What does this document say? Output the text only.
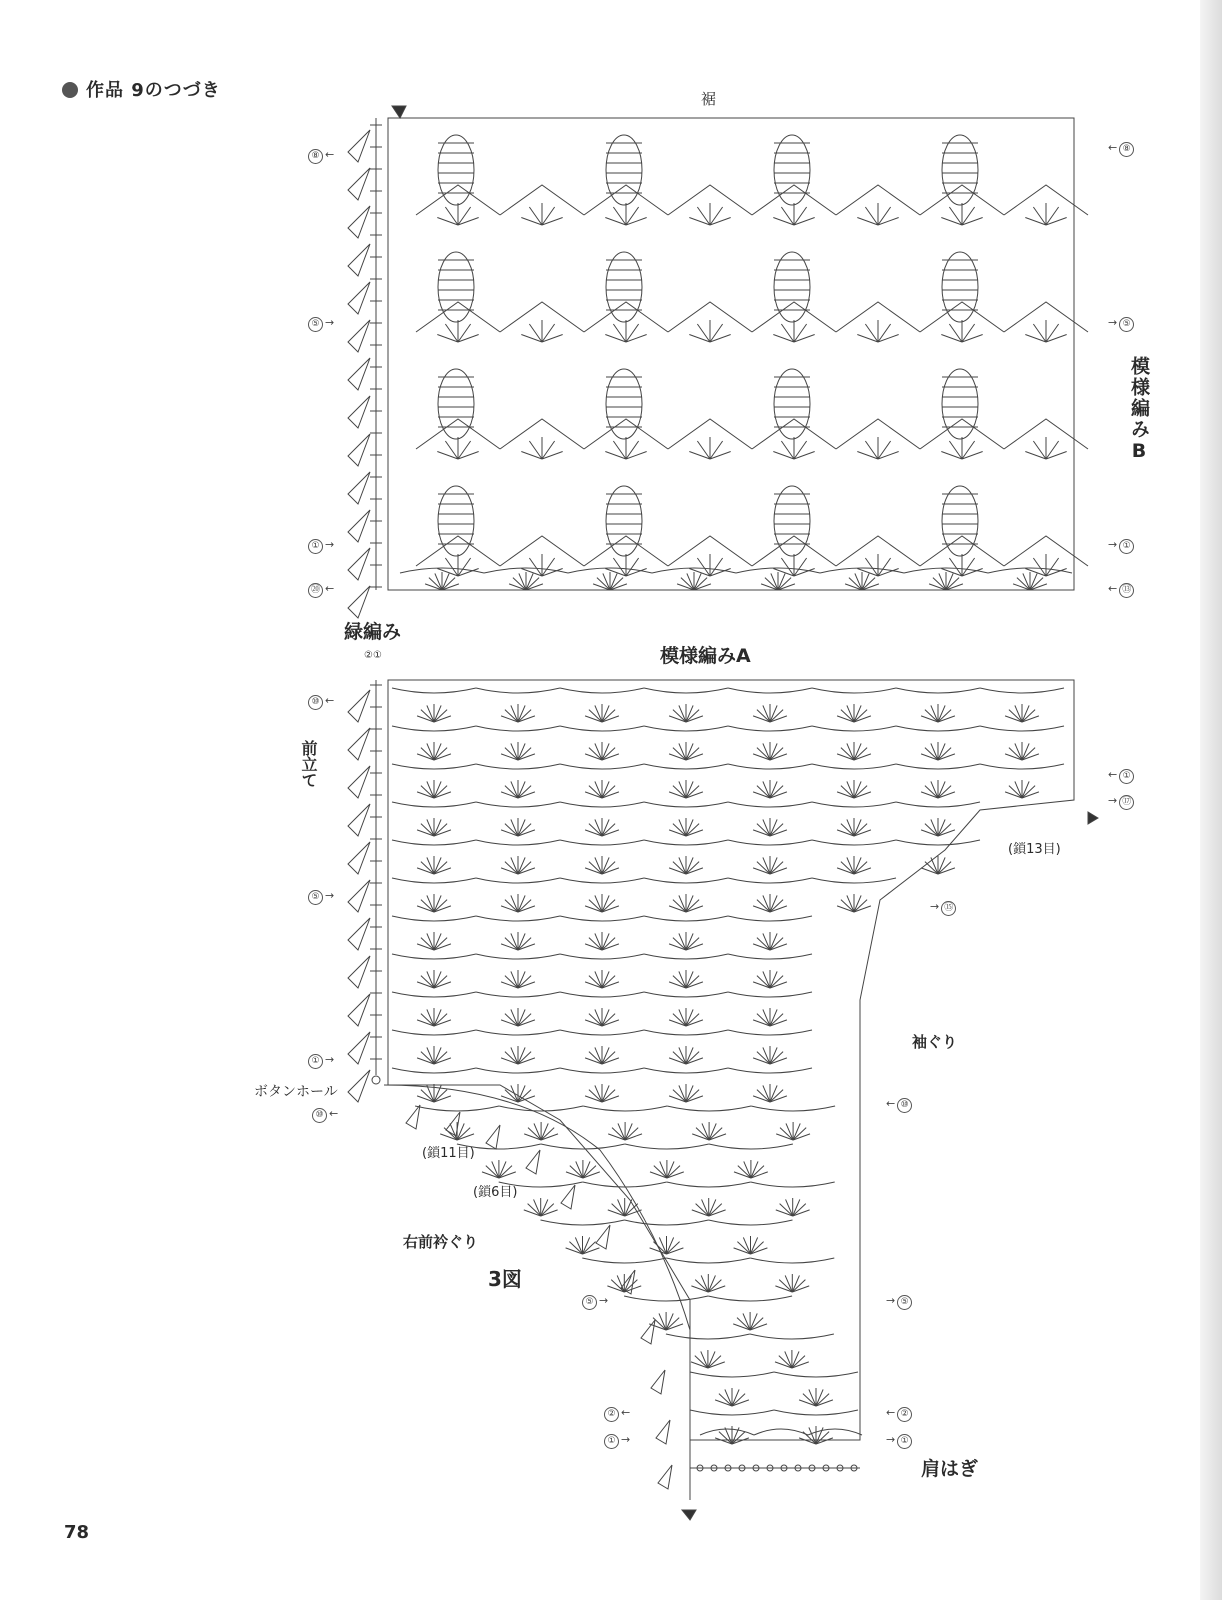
作品 9のつづき	裾
模様編みB
緑編み
②①	模様編みA
前立て
袖ぐり
ボタンホール
(鎖13目)
(鎖11目)
(鎖6目)
右前衿ぐり
3図
肩はぎ
⑧ ←
⑤ →
① →
⑳ ←
⑩ ←
⑤ →
① →
⑩ ←
⑤ →
② ←
① →
← ⑧
→ ⑤
→ ①
← ⑬
← ①
→ ⑰
→ ⑮
← ⑩
→ ⑤
← ②
→ ①
78
